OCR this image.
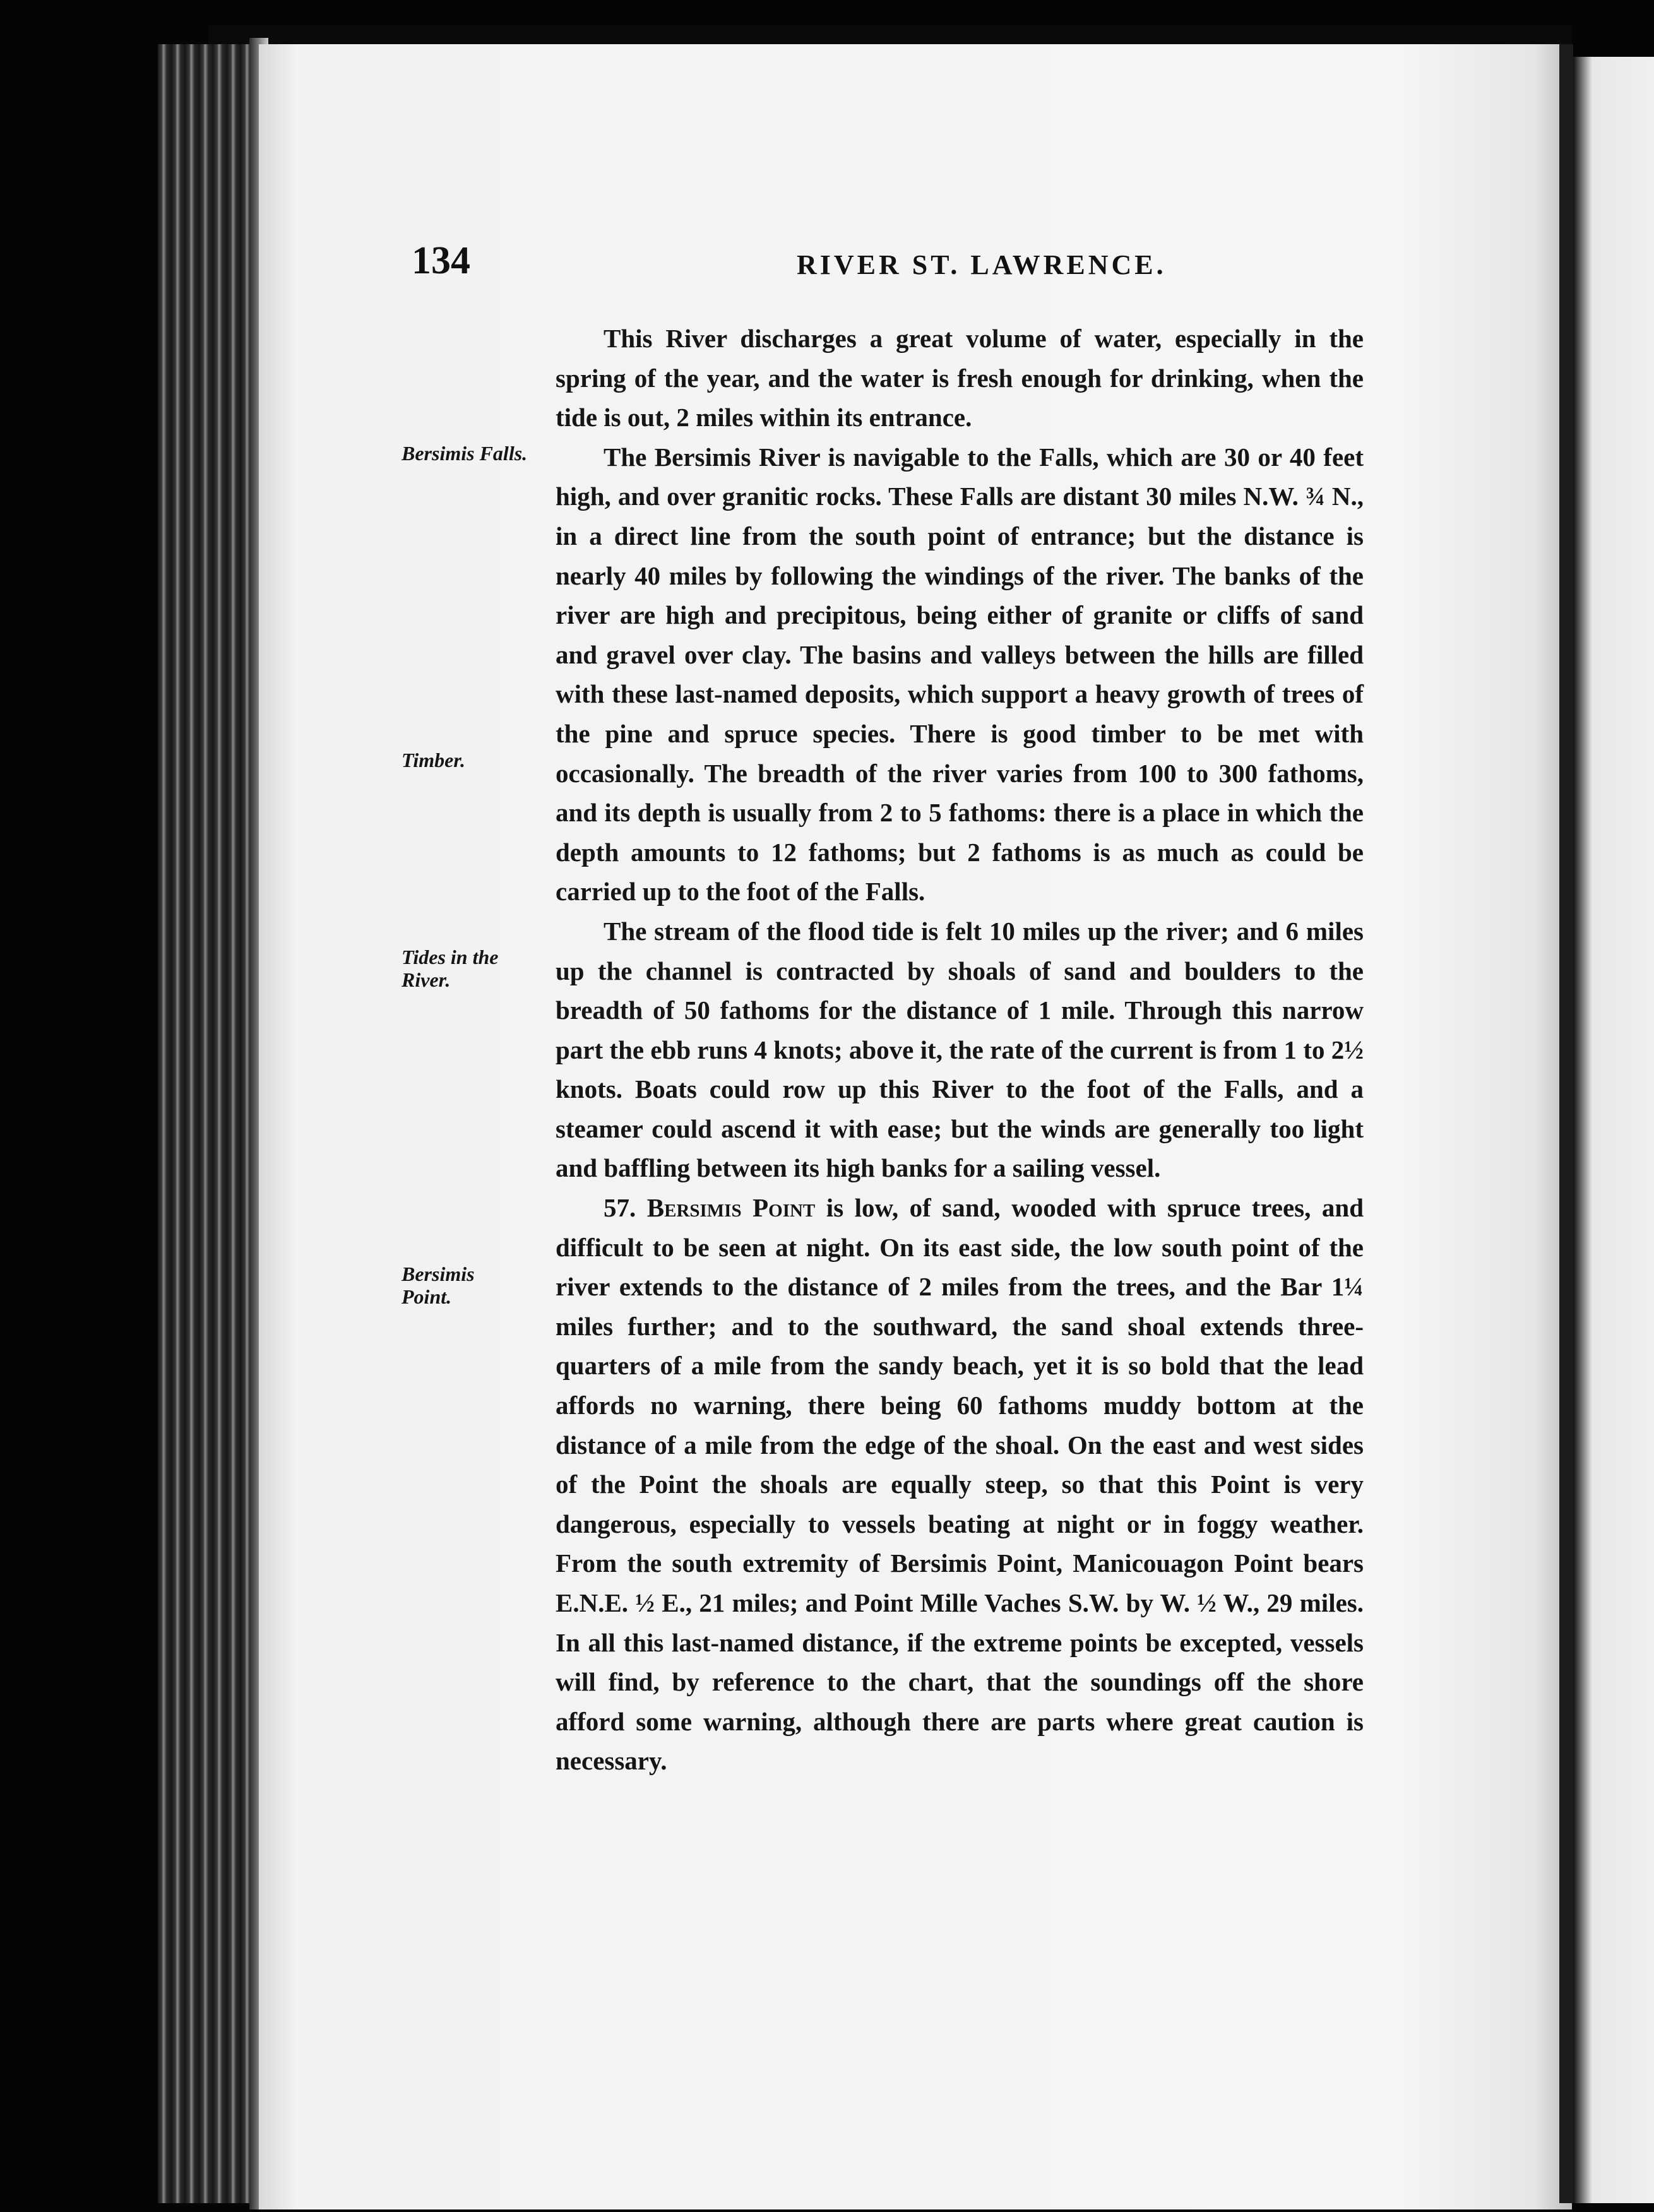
134	RIVER ST. LAWRENCE.
Bersimis Falls.
Timber.
Tides in the River.
Bersimis Point.

This River discharges a great volume of water, especially in the spring of the year, and the water is fresh enough for drinking, when the tide is out, 2 miles within its entrance.

The Bersimis River is navigable to the Falls, which are 30 or 40 feet high, and over granitic rocks. These Falls are distant 30 miles N.W. ¾ N., in a direct line from the south point of entrance; but the distance is nearly 40 miles by following the windings of the river. The banks of the river are high and precipitous, being either of granite or cliffs of sand and gravel over clay. The basins and valleys between the hills are filled with these last-named deposits, which support a heavy growth of trees of the pine and spruce species. There is good timber to be met with occasionally. The breadth of the river varies from 100 to 300 fathoms, and its depth is usually from 2 to 5 fathoms: there is a place in which the depth amounts to 12 fathoms; but 2 fathoms is as much as could be carried up to the foot of the Falls.

The stream of the flood tide is felt 10 miles up the river; and 6 miles up the channel is contracted by shoals of sand and boulders to the breadth of 50 fathoms for the distance of 1 mile. Through this narrow part the ebb runs 4 knots; above it, the rate of the current is from 1 to 2½ knots. Boats could row up this River to the foot of the Falls, and a steamer could ascend it with ease; but the winds are generally too light and baffling between its high banks for a sailing vessel.

57. Bersimis Point is low, of sand, wooded with spruce trees, and difficult to be seen at night. On its east side, the low south point of the river extends to the distance of 2 miles from the trees, and the Bar 1¼ miles further; and to the southward, the sand shoal extends three-quarters of a mile from the sandy beach, yet it is so bold that the lead affords no warning, there being 60 fathoms muddy bottom at the distance of a mile from the edge of the shoal. On the east and west sides of the Point the shoals are equally steep, so that this Point is very dangerous, especially to vessels beating at night or in foggy weather. From the south extremity of Bersimis Point, Manicouagon Point bears E.N.E. ½ E., 21 miles; and Point Mille Vaches S.W. by W. ½ W., 29 miles. In all this last-named distance, if the extreme points be excepted, vessels will find, by reference to the chart, that the soundings off the shore afford some warning, although there are parts where great caution is necessary.
